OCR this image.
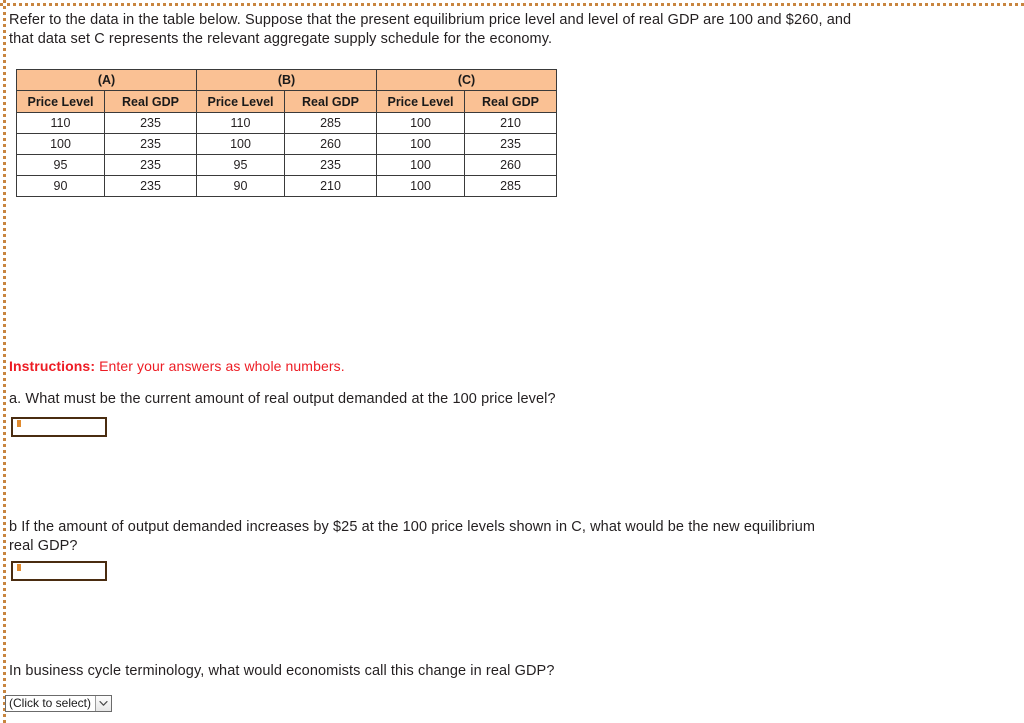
Refer to the data in the table below. Suppose that the present equilibrium price level and level of real GDP are 100 and $260, and that data set C represents the relevant aggregate supply schedule for the economy.
(A)		(B)		(C)	
Price Level	Real GDP	Price Level	Real GDP	Price Level	Real GDP
110	235	110	285	100	210
100	235	100	260	100	235
95	235	95	235	100	260
90	235	90	210	100	285
Instructions: Enter your answers as whole numbers.
a. What must be the current amount of real output demanded at the 100 price level?
b If the amount of output demanded increases by $25 at the 100 price levels shown in C, what would be the new equilibrium real GDP?
In business cycle terminology, what would economists call this change in real GDP?
(Click to select)
